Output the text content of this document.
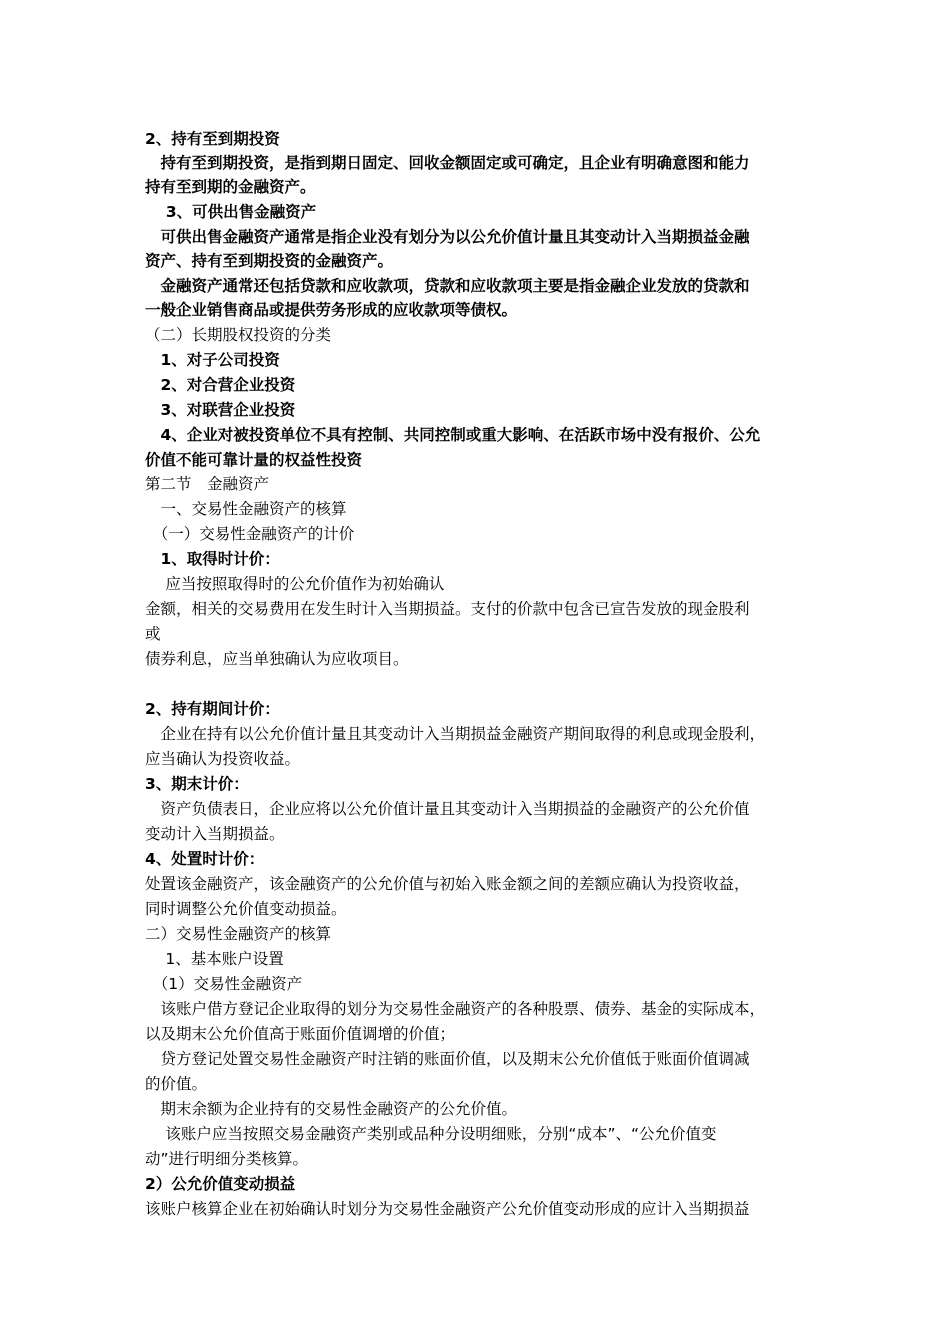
2、持有至到期投资
　持有至到期投资，是指到期日固定、回收金额固定或可确定，且企业有明确意图和能力
持有至到期的金融资产。
　 3、可供出售金融资产
　可供出售金融资产通常是指企业没有划分为以公允价值计量且其变动计入当期损益金融
资产、持有至到期投资的金融资产。
　金融资产通常还包括贷款和应收款项，贷款和应收款项主要是指金融企业发放的贷款和
一般企业销售商品或提供劳务形成的应收款项等债权。
（二）长期股权投资的分类
　1、对子公司投资
　2、对合营企业投资
　3、对联营企业投资
　4、企业对被投资单位不具有控制、共同控制或重大影响、在活跃市场中没有报价、公允
价值不能可靠计量的权益性投资
第二节　金融资产
　一、交易性金融资产的核算
　（一）交易性金融资产的计价
　1、取得时计价：
　 应当按照取得时的公允价值作为初始确认
金额，相关的交易费用在发生时计入当期损益。支付的价款中包含已宣告发放的现金股利
或
债券利息，应当单独确认为应收项目。
2、持有期间计价：
　企业在持有以公允价值计量且其变动计入当期损益金融资产期间取得的利息或现金股利，
应当确认为投资收益。
3、期末计价：
　资产负债表日，企业应将以公允价值计量且其变动计入当期损益的金融资产的公允价值
变动计入当期损益。
4、处置时计价：
处置该金融资产，该金融资产的公允价值与初始入账金额之间的差额应确认为投资收益，
同时调整公允价值变动损益。
二）交易性金融资产的核算
　 1、基本账户设置
　（1）交易性金融资产
　该账户借方登记企业取得的划分为交易性金融资产的各种股票、债券、基金的实际成本，
以及期末公允价值高于账面价值调增的价值；
　贷方登记处置交易性金融资产时注销的账面价值，以及期末公允价值低于账面价值调减
的价值。
　期末余额为企业持有的交易性金融资产的公允价值。
　 该账户应当按照交易金融资产类别或品种分设明细账，分别“成本”、“公允价值变
动”进行明细分类核算。
2）公允价值变动损益
该账户核算企业在初始确认时划分为交易性金融资产公允价值变动形成的应计入当期损益
